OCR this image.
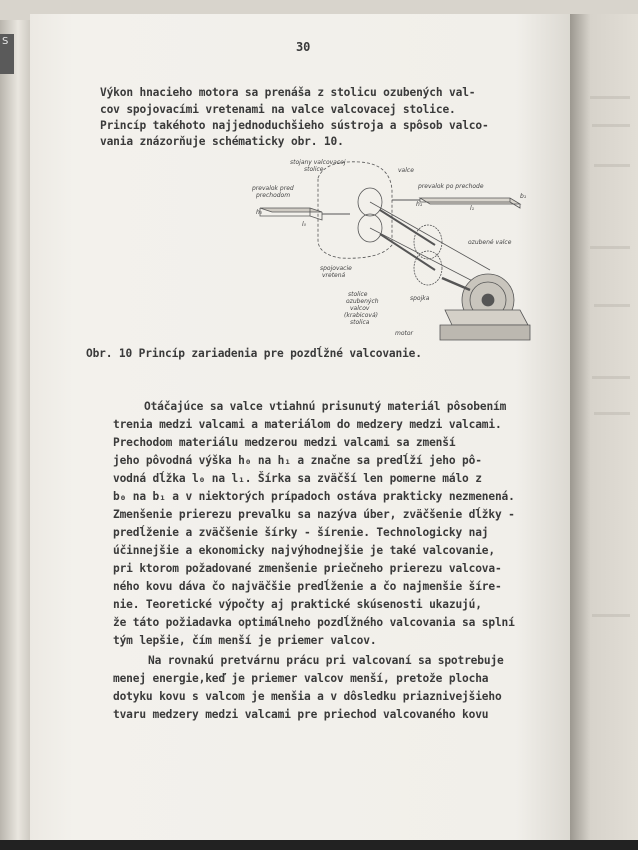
S	30
Výkon hnacieho motora sa prenáša z stolicu ozubených val-
cov spojovacími vretenami na valce valcovacej stolice.
Princíp takéhoto najjednoduchšieho sústroja a spôsob valco-
vania znázorňuje schématicky obr. 10.
stojany valcovacej
stolice	valce
prevalok pred
prechodom
prevalok po prechode
ozubené valce
spojovacie
vretená
spojka
stolice
ozubených
valcov
(krabicová)
stolica
motor
l₀
l₁
h₀
h₁
b₁
Obr. 10 Princíp zariadenia pre pozdĺžné valcovanie.
Otáčajúce sa valce vtiahnú prisunutý materiál pôsobením
trenia medzi valcami a materiálom do medzery medzi valcami.
Prechodom materiálu medzerou medzi valcami sa zmenší
jeho pôvodná výška h₀ na h₁ a značne sa predĺží jeho pô-
vodná dĺžka l₀ na l₁. Šírka sa zväčší len pomerne málo z
b₀ na b₁ a v niektorých prípadoch ostáva prakticky nezmenená.
Zmenšenie prierezu prevalku sa nazýva úber, zväčšenie dĺžky -
predĺženie a zväčšenie šírky - šírenie. Technologicky naj
účinnejšie a ekonomicky najvýhodnejšie je také valcovanie,
pri ktorom požadované zmenšenie priečneho prierezu valcova-
ného kovu dáva čo najväčšie predĺženie a čo najmenšie šíre-
nie. Teoretické výpočty aj praktické skúsenosti ukazujú,
že táto požiadavka optimálneho pozdĺžného valcovania sa splní
tým lepšie, čím menší je priemer valcov.
Na rovnakú pretvárnu prácu pri valcovaní sa spotrebuje
menej energie,keď je priemer valcov menší, pretože plocha
dotyku kovu s valcom je menšia a v dôsledku priaznivejšieho
tvaru medzery medzi valcami pre priechod valcovaného kovu
